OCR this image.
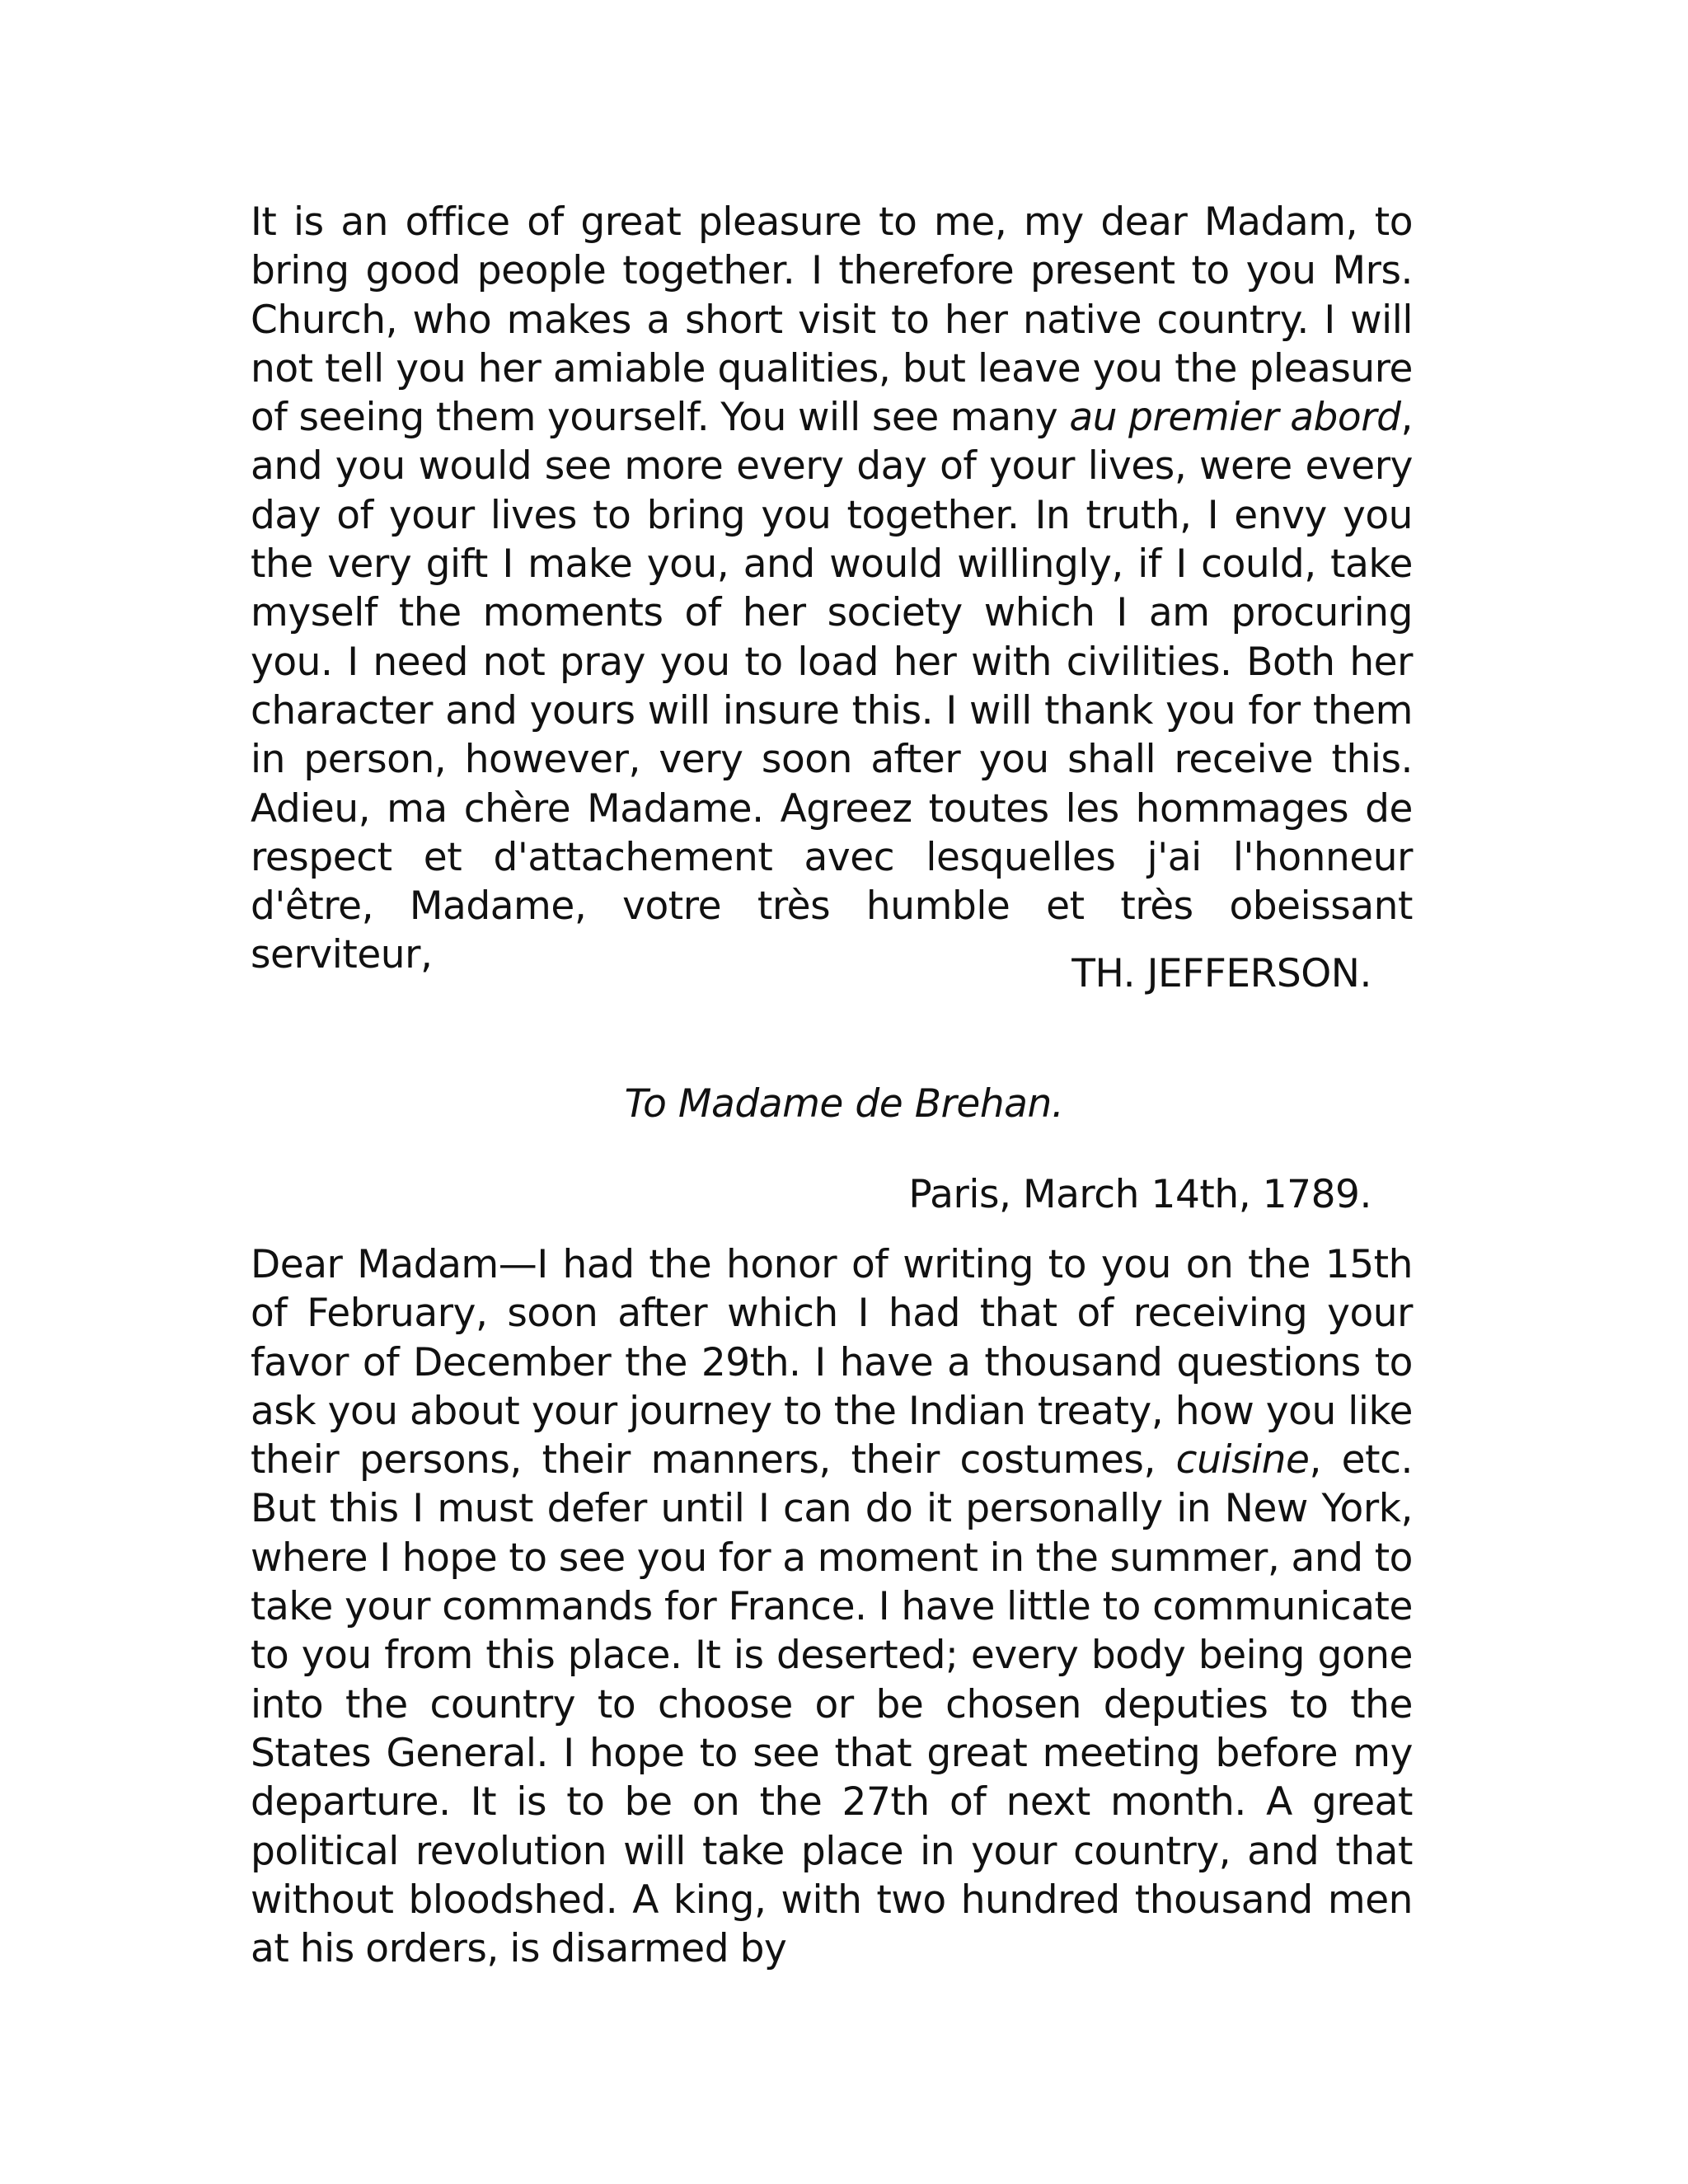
It is an office of great pleasure to me, my dear Madam, to bring good people together. I therefore present to you Mrs. Church, who makes a short visit to her native country. I will not tell you her amiable qualities, but leave you the pleasure of seeing them yourself. You will see many au premier abord, and you would see more every day of your lives, were every day of your lives to bring you together. In truth, I envy you the very gift I make you, and would willingly, if I could, take myself the moments of her society which I am procuring you. I need not pray you to load her with civilities. Both her character and yours will insure this. I will thank you for them in person, however, very soon after you shall receive this. Adieu, ma chère Madame. Agreez toutes les hommages de respect et d'attachement avec lesquelles j'ai l'honneur d'être, Madame, votre très humble et très obeissant serviteur,	TH. JEFFERSON.
To Madame de Brehan.
Paris, March 14th, 1789.

Dear Madam—I had the honor of writing to you on the 15th of February, soon after which I had that of receiving your favor of December the 29th. I have a thousand questions to ask you about your journey to the Indian treaty, how you like their persons, their manners, their costumes, cuisine, etc. But this I must defer until I can do it personally in New York, where I hope to see you for a moment in the summer, and to take your commands for France. I have little to communicate to you from this place. It is deserted; every body being gone into the country to choose or be chosen deputies to the States General. I hope to see that great meeting before my departure. It is to be on the 27th of next month. A great political revolution will take place in your country, and that without bloodshed. A king, with two hundred thousand men at his orders, is disarmed by
